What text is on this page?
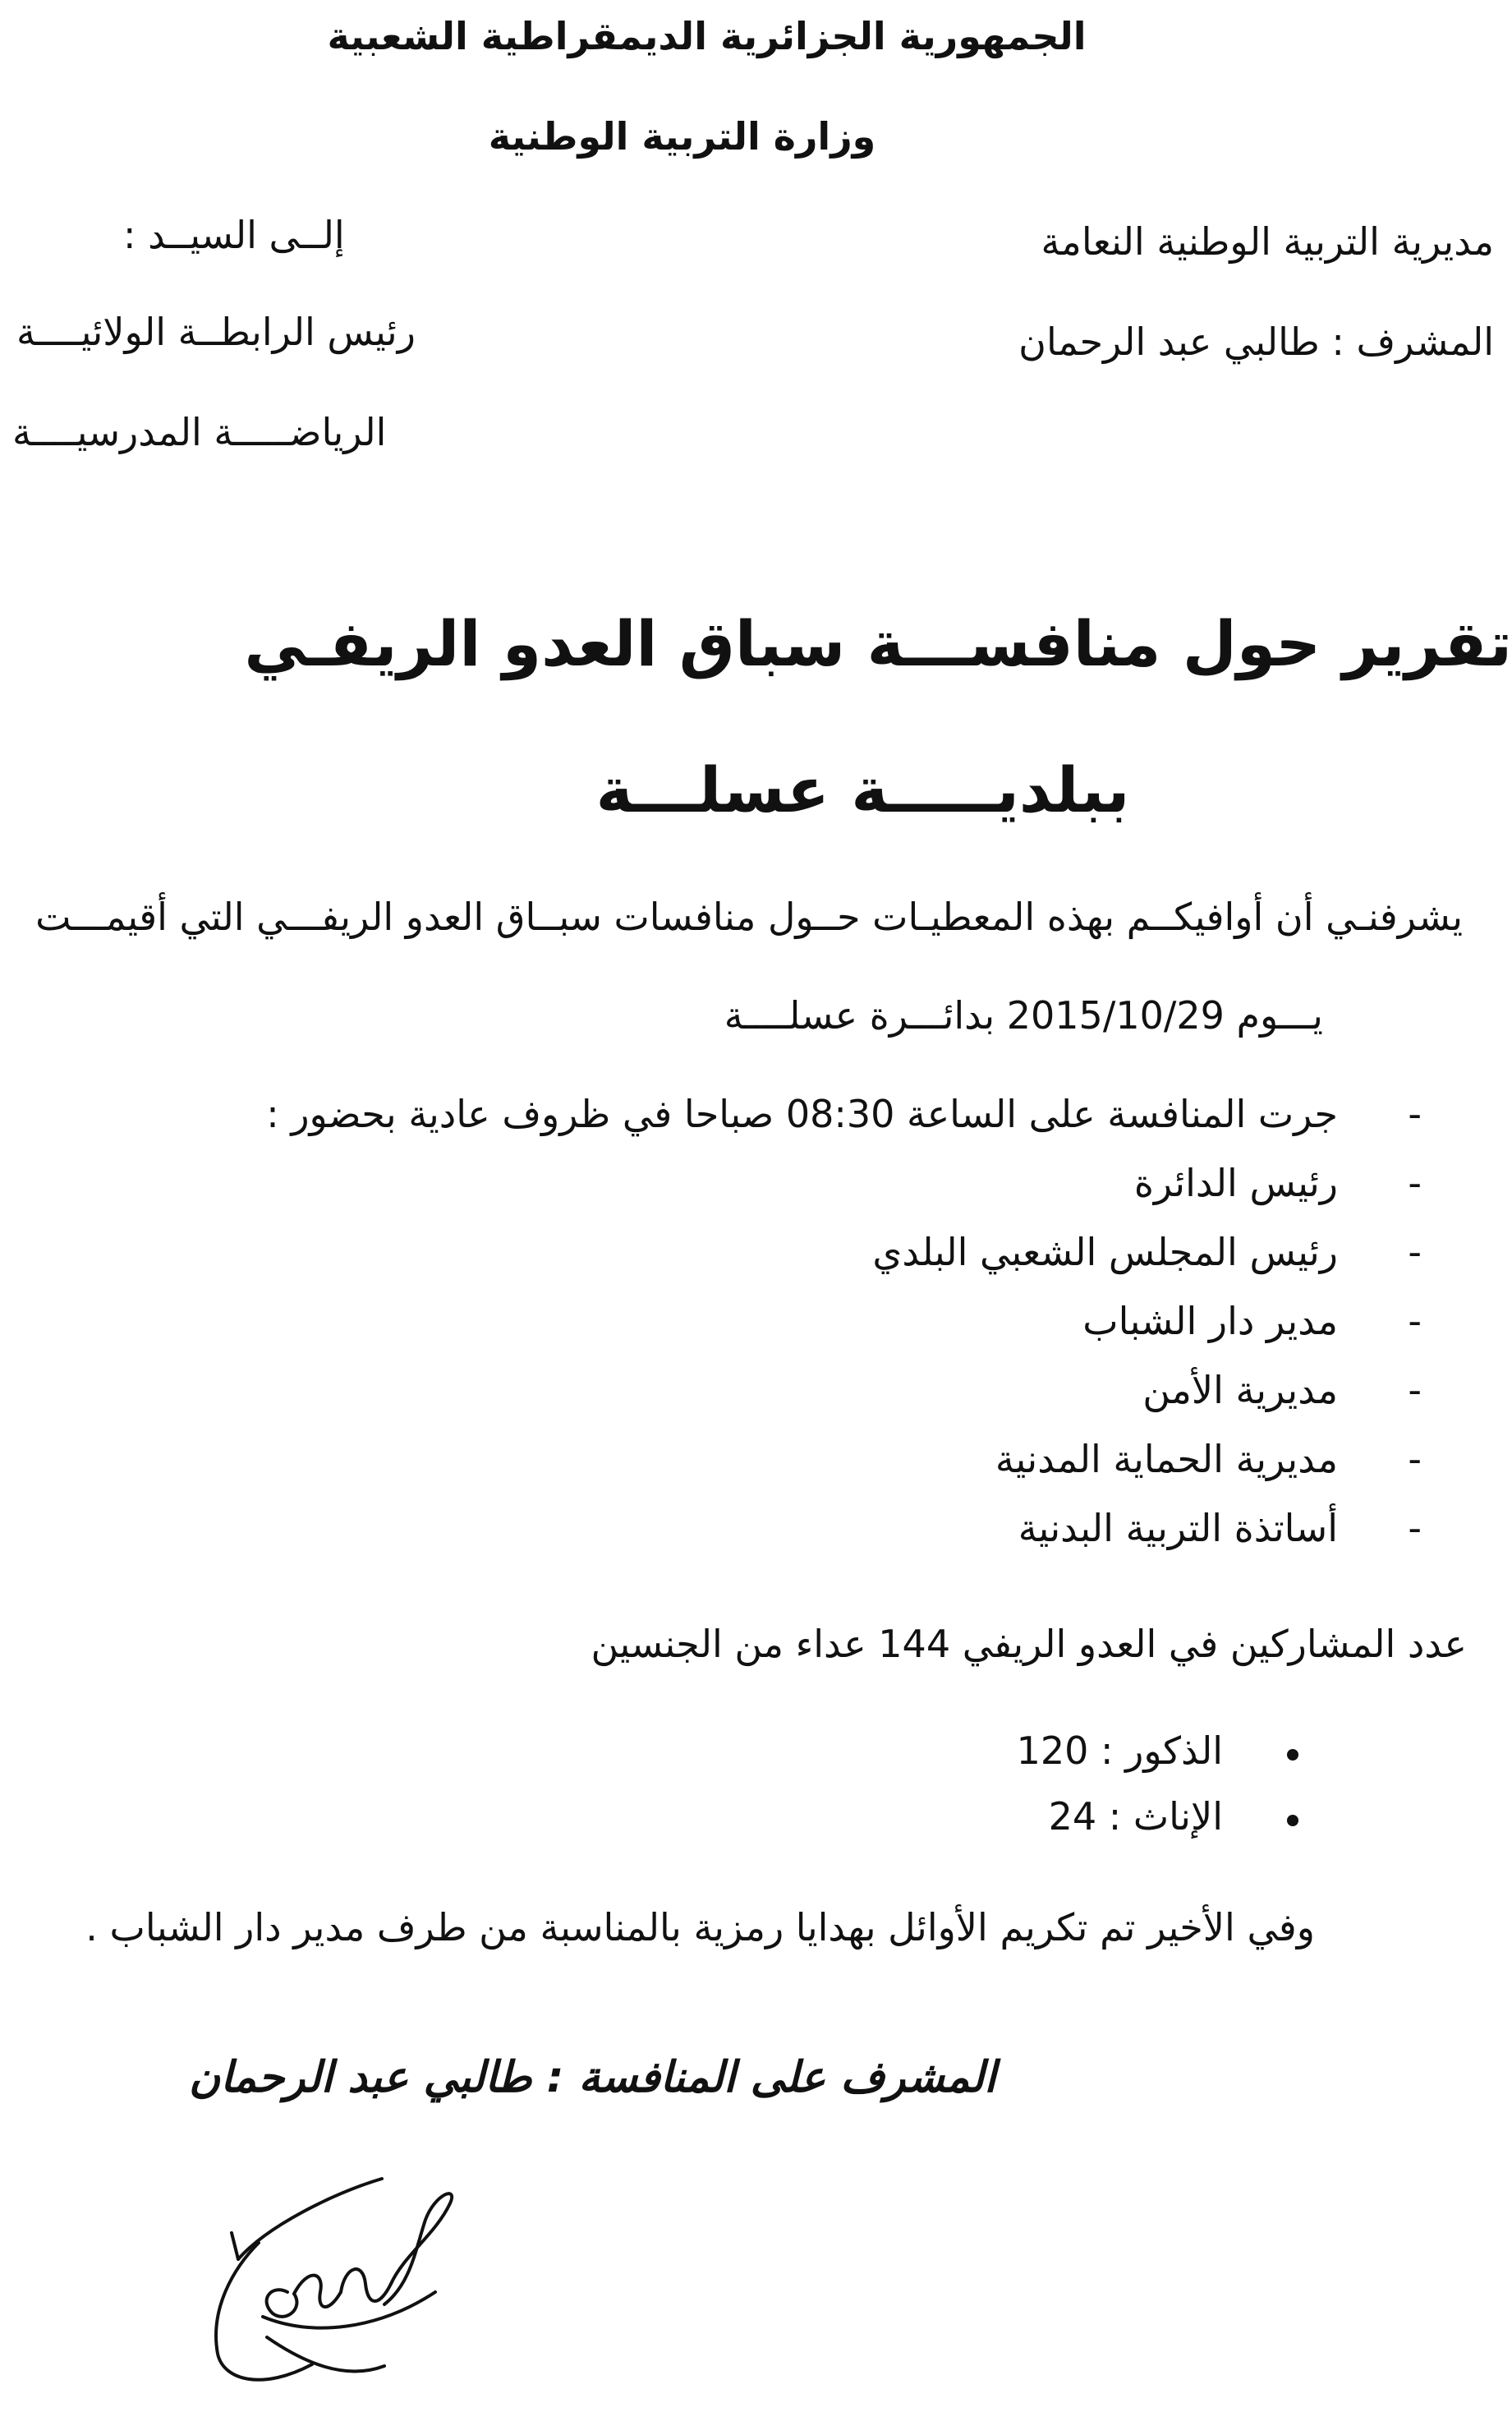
الجمهورية الجزائرية الديمقراطية الشعبية
وزارة التربية الوطنية
مديرية التربية الوطنية النعامة
المشرف : طالبي عبد الرحمان
إلــى السيــد :
رئيس الرابطــة الولائيــــة
الرياضـــــة المدرسيــــة
تقرير حول منافســـة سباق العدو الريفـي
ببلديـــــة عسلـــة
يشرفنـي أن أوافيكــم بهذه المعطيـات حــول منافسات سبــاق العدو الريفـــي التي أقيمـــت
يـــوم 2015/10/29 بدائـــرة عسلــــة
-
جرت المنافسة على الساعة 08:30 صباحا في ظروف عادية بحضور :
-
رئيس الدائرة
-
رئيس المجلس الشعبي البلدي
-
مدير دار الشباب
-
مديرية الأمن
-
مديرية الحماية المدنية
-
أساتذة التربية البدنية
عدد المشاركين في العدو الريفي 144 عداء من الجنسين
الذكور : 120
الإناث : 24
وفي الأخير تم تكريم الأوائل بهدايا رمزية بالمناسبة من طرف مدير دار الشباب .
المشرف على المنافسة : طالبي عبد الرحمان
